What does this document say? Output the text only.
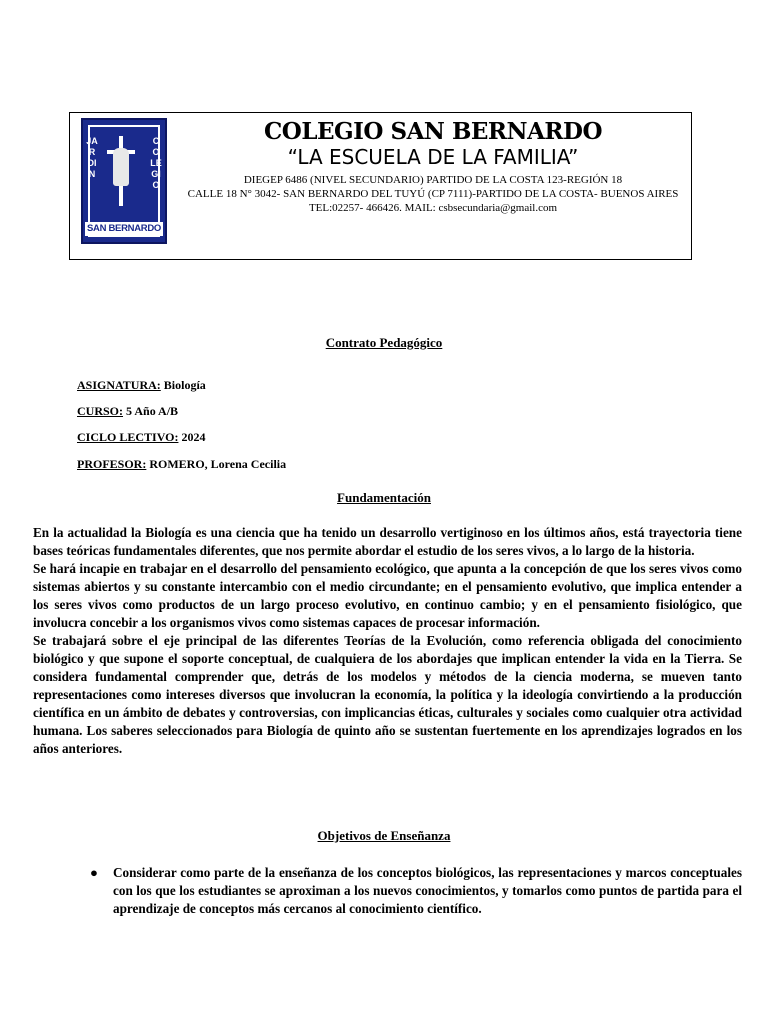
JARDIN
COLEGIO
SAN BERNARDO
COLEGIO SAN BERNARDO
“LA ESCUELA DE LA FAMILIA”
DIEGEP 6486 (NIVEL SECUNDARIO) PARTIDO DE LA COSTA 123-REGIÓN 18
CALLE 18 N° 3042- SAN BERNARDO DEL TUYÚ (CP 7111)-PARTIDO DE LA COSTA- BUENOS AIRES
TEL:02257- 466426. MAIL: csbsecundaria@gmail.com
Contrato Pedagógico
ASIGNATURA: Biología
CURSO: 5 Año A/B
CICLO LECTIVO: 2024
PROFESOR: ROMERO, Lorena Cecilia
Fundamentación

En la actualidad la Biología es una ciencia que ha tenido un desarrollo vertiginoso en los últimos años, está trayectoria tiene bases teóricas fundamentales diferentes, que nos permite abordar el estudio de los seres vivos, a lo largo de la historia.

Se hará incapie en trabajar en el desarrollo del pensamiento ecológico, que apunta a la concepción de que los seres vivos como sistemas abiertos y su constante intercambio con el medio circundante; en el pensamiento evolutivo, que implica entender a los seres vivos como productos de un largo proceso evolutivo, en continuo cambio; y en el pensamiento fisiológico, que involucra concebir a los organismos vivos como sistemas capaces de procesar información.

Se trabajará sobre el eje principal de las diferentes Teorías de la Evolución, como referencia obligada del conocimiento biológico y que supone el soporte conceptual, de cualquiera de los abordajes que implican entender la vida en la Tierra. Se considera fundamental comprender que, detrás de los modelos y métodos de la ciencia moderna, se mueven tanto representaciones como intereses diversos que involucran la economía, la política y la ideología convirtiendo a la producción científica en un ámbito de debates y controversias, con implicancias éticas, culturales y sociales como cualquier otra actividad humana. Los saberes seleccionados para Biología de quinto año se sustentan fuertemente en los aprendizajes logrados en los años anteriores.

Objetivos de Enseñanza
● Considerar como parte de la enseñanza de los conceptos biológicos, las representaciones y marcos conceptuales con los que los estudiantes se aproximan a los nuevos conocimientos, y tomarlos como puntos de partida para el aprendizaje de conceptos más cercanos al conocimiento científico.
